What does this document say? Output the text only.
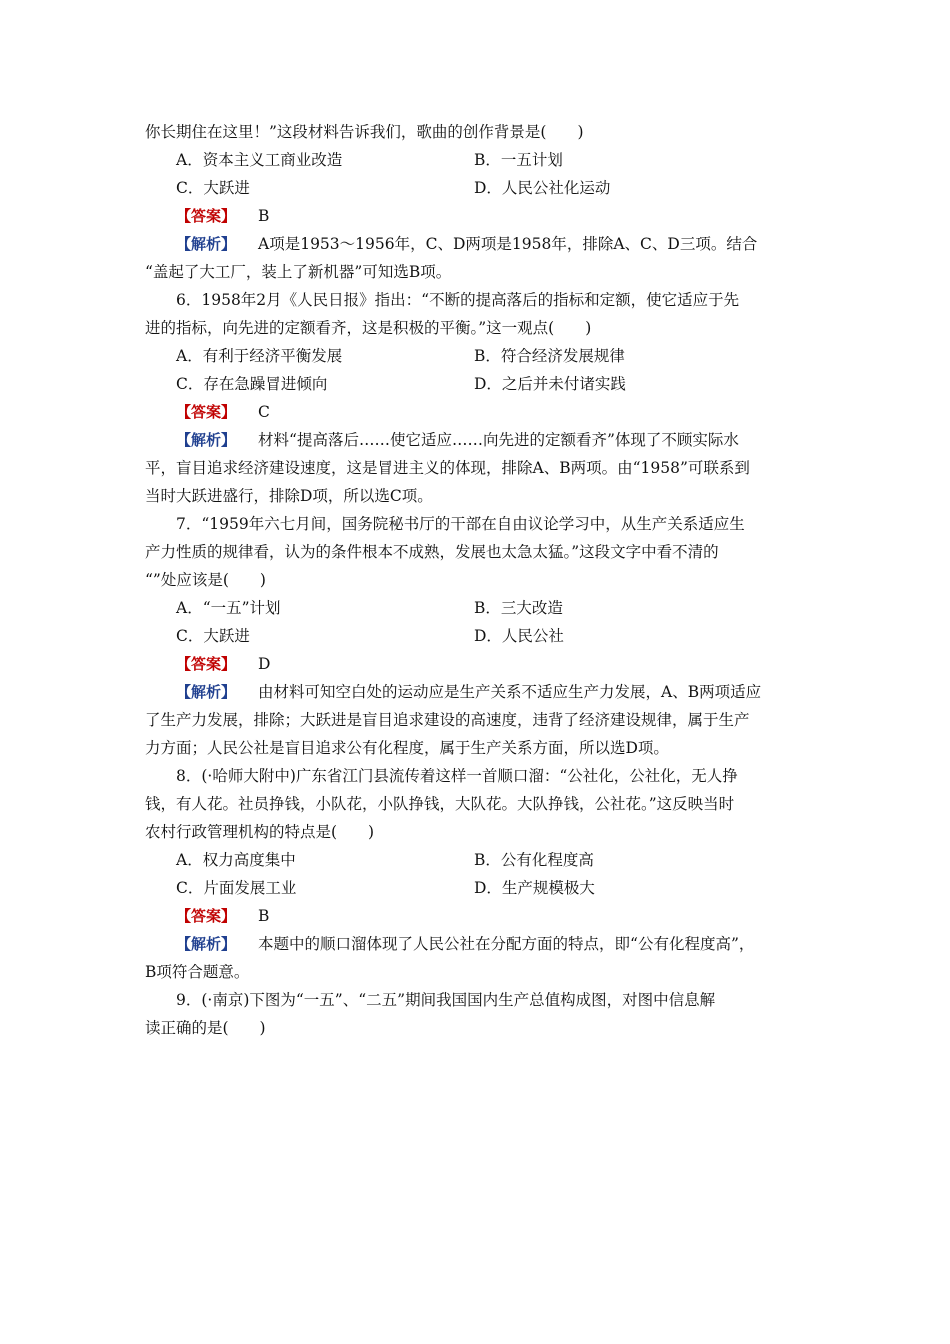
你长期住在这里！”这段材料告诉我们，歌曲的创作背景是(　　)
A．资本主义工商业改造	B．一五计划
C．大跃进	D．人民公社化运动
【答案】 B
【解析】 A项是1953～1956年，C、D两项是1958年，排除A、C、D三项。结合
“盖起了大工厂，装上了新机器”可知选B项。
6．1958年2月《人民日报》指出：“不断的提高落后的指标和定额，使它适应于先
进的指标，向先进的定额看齐，这是积极的平衡。”这一观点(　　)
A．有利于经济平衡发展	B．符合经济发展规律
C．存在急躁冒进倾向	D．之后并未付诸实践
【答案】 C
【解析】 材料“提高落后……使它适应……向先进的定额看齐”体现了不顾实际水
平，盲目追求经济建设速度，这是冒进主义的体现，排除A、B两项。由“1958”可联系到
当时大跃进盛行，排除D项，所以选C项。
7．“1959年六七月间，国务院秘书厅的干部在自由议论学习中，从生产关系适应生
产力性质的规律看，认为的条件根本不成熟，发展也太急太猛。”这段文字中看不清的
“”处应该是(　　)
A．“一五”计划	B．三大改造
C．大跃进	D．人民公社
【答案】 D
【解析】 由材料可知空白处的运动应是生产关系不适应生产力发展，A、B两项适应
了生产力发展，排除；大跃进是盲目追求建设的高速度，违背了经济建设规律，属于生产
力方面；人民公社是盲目追求公有化程度，属于生产关系方面，所以选D项。
8．(·哈师大附中)广东省江门县流传着这样一首顺口溜：“公社化，公社化，无人挣
钱，有人花。社员挣钱，小队花，小队挣钱，大队花。大队挣钱，公社花。”这反映当时
农村行政管理机构的特点是(　　)
A．权力高度集中	B．公有化程度高
C．片面发展工业	D．生产规模极大
【答案】 B
【解析】 本题中的顺口溜体现了人民公社在分配方面的特点，即“公有化程度高”，
B项符合题意。
9．(·南京)下图为“一五”、“二五”期间我国国内生产总值构成图，对图中信息解
读正确的是(　　)
